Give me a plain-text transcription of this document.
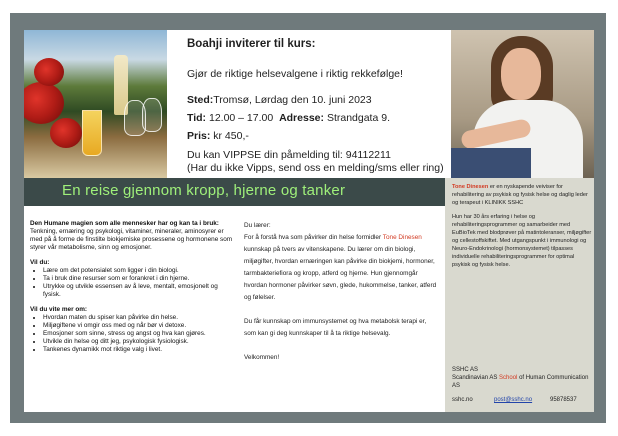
Boahji inviterer til kurs:
Gjør de riktige helsevalgene i riktig rekkefølge!
Sted:Tromsø, Lørdag den 10. juni 2023
Tid: 12.00 – 17.00 Adresse: Strandgata 9.
Pris: kr 450,-
Du kan VIPPSE din påmelding til: 94112211
(Har du ikke Vipps, send oss en melding/sms eller ring)
En reise gjennom kropp, hjerne og tanker
Den Humane magien som alle mennesker har og kan ta i bruk:
Tenkning, ernæring og psykologi, vitaminer, mineraler, aminosyrer er med på å forme de finstilte biokjemiske prosessene og hormonene som styrer vår metabolisme, sinn og emosjoner.
Vil du:
• Lære om det potensialet som ligger i din biologi.
• Ta i bruk dine resurser som er forankret i din hjerne.
• Utrykke og utvikle essensen av å leve, mentalt, emosjonelt og fysisk.
Vil du vite mer om:
• Hvordan maten du spiser kan påvirke din helse.
• Miljøgiftene vi omgir oss med og når bør vi detoxe.
• Emosjoner som sinne, stress og angst og hva kan gjøres.
• Utvikle din helse og ditt jeg, psykologisk fysiologisk.
• Tankenes dynamikk mot riktige valg i livet.
Du lærer:
For å forstå hva som påvirker din helse formidler Tone Dinesen kunnskap på tvers av vitenskapene. Du lærer om din biologi, miljøgifter, hvordan ernæringen kan påvirke din biokjemi, hormoner, tarmbakteriefiora og kropp, atferd og hjerne. Hun gjennomgår hvordan hormoner påvirker søvn, glede, hukommelse, tanker, atferd og følelser.
Du får kunnskap om immunsystemet og hva metabolsk terapi er, som kan gi deg kunnskaper til å ta riktige helsevalg.
Velkommen!
Tone Dinesen er en nyskapende veiviser for rehabilitering av psykisk og fysisk helse og daglig leder og terapeut i KLINIKK SSHC
Hun har 30 års erfaring i helse og rehabiliteringsprogrammer og samarbeider med EuBioTek med blodprøver på matintoleranser, miljøgifter og cellestoffskiftet. Med utgangspunkt i immunologi og Neuro-Endokrinologi (hormonsystemet) tilpasses individuelle rehabiliteringsprogrammer for optimal psykisk og fysisk helse.
SSHC AS
Scandinavian AS School of Human Communication AS
sshc.no	post@sshc.no	95878537
